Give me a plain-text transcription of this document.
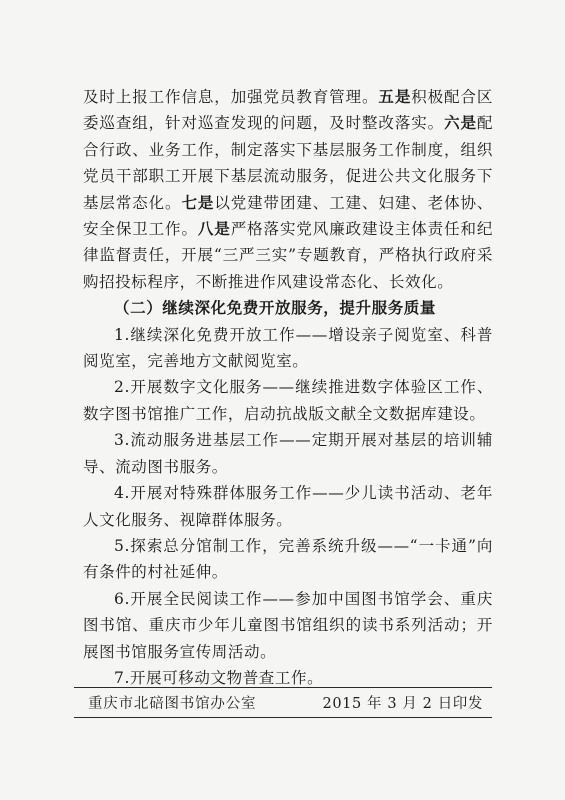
及时上报工作信息，加强党员教育管理。五是积极配合区委巡查组，针对巡查发现的问题，及时整改落实。六是配合行政、业务工作，制定落实下基层服务工作制度，组织党员干部职工开展下基层流动服务，促进公共文化服务下基层常态化。七是以党建带团建、工建、妇建、老体协、安全保卫工作。八是严格落实党风廉政建设主体责任和纪律监督责任，开展“三严三实”专题教育，严格执行政府采购招投标程序，不断推进作风建设常态化、长效化。

（二）继续深化免费开放服务，提升服务质量

1.继续深化免费开放工作——增设亲子阅览室、科普阅览室，完善地方文献阅览室。

2.开展数字文化服务——继续推进数字体验区工作、数字图书馆推广工作，启动抗战版文献全文数据库建设。

3.流动服务进基层工作——定期开展对基层的培训辅导、流动图书服务。

4.开展对特殊群体服务工作——少儿读书活动、老年人文化服务、视障群体服务。

5.探索总分馆制工作，完善系统升级——“一卡通”向有条件的村社延伸。

6.开展全民阅读工作——参加中国图书馆学会、重庆图书馆、重庆市少年儿童图书馆组织的读书系列活动；开展图书馆服务宣传周活动。

7.开展可移动文物普查工作。

重庆市北碚图书馆办公室	2015 年 3 月 2 日印发
